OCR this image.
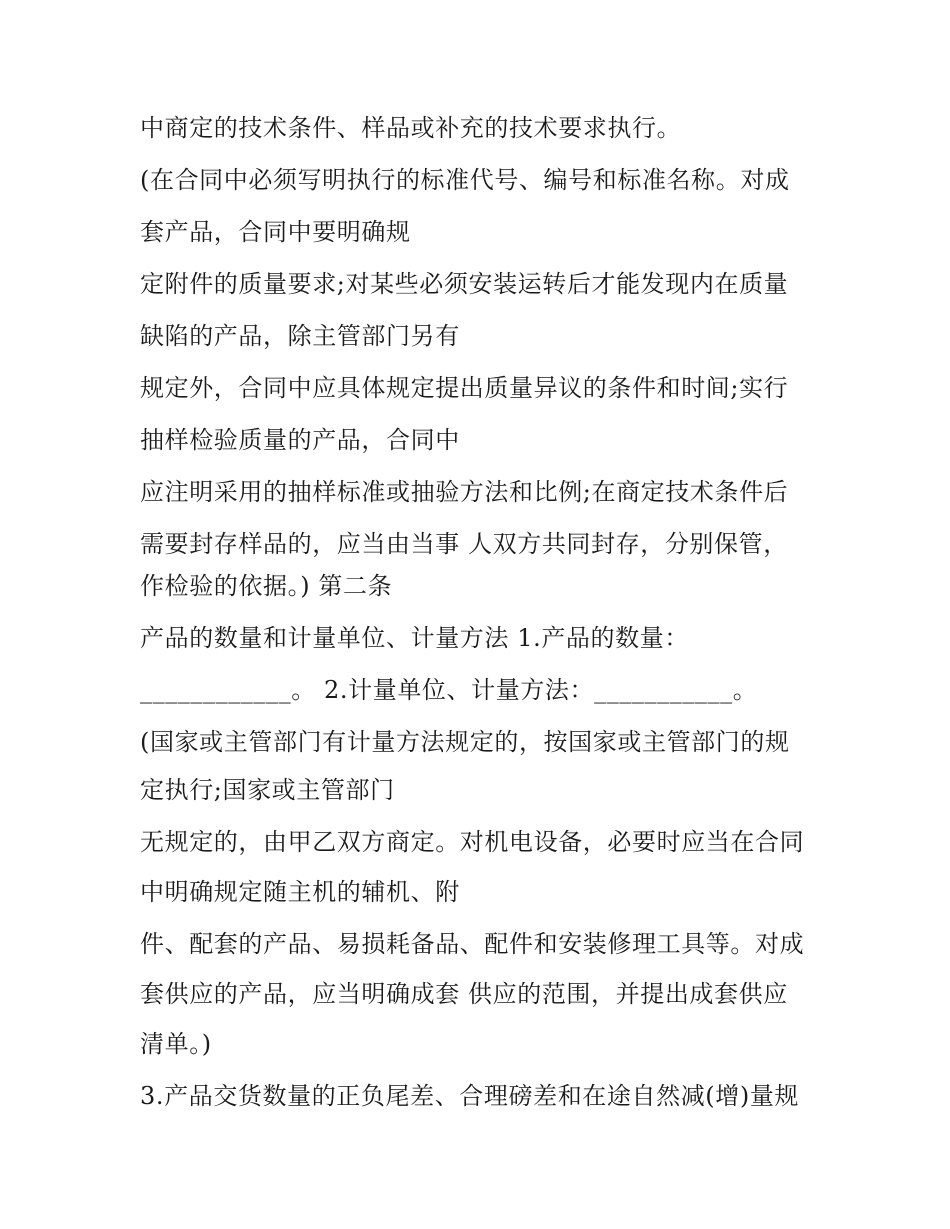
中商定的技术条件、样品或补充的技术要求执行。
(在合同中必须写明执行的标准代号、编号和标准名称。对成
套产品，合同中要明确规
定附件的质量要求;对某些必须安装运转后才能发现内在质量
缺陷的产品，除主管部门另有
规定外，合同中应具体规定提出质量异议的条件和时间;实行
抽样检验质量的产品，合同中
应注明采用的抽样标准或抽验方法和比例;在商定技术条件后
需要封存样品的，应当由当事 人双方共同封存，分别保管，
作检验的依据。) 第二条
产品的数量和计量单位、计量方法 1.产品的数量：
____________。 2.计量单位、计量方法：___________。
(国家或主管部门有计量方法规定的，按国家或主管部门的规
定执行;国家或主管部门
无规定的，由甲乙双方商定。对机电设备，必要时应当在合同
中明确规定随主机的辅机、附
件、配套的产品、易损耗备品、配件和安装修理工具等。对成
套供应的产品，应当明确成套 供应的范围，并提出成套供应
清单。)
3.产品交货数量的正负尾差、合理磅差和在途自然减(增)量规
